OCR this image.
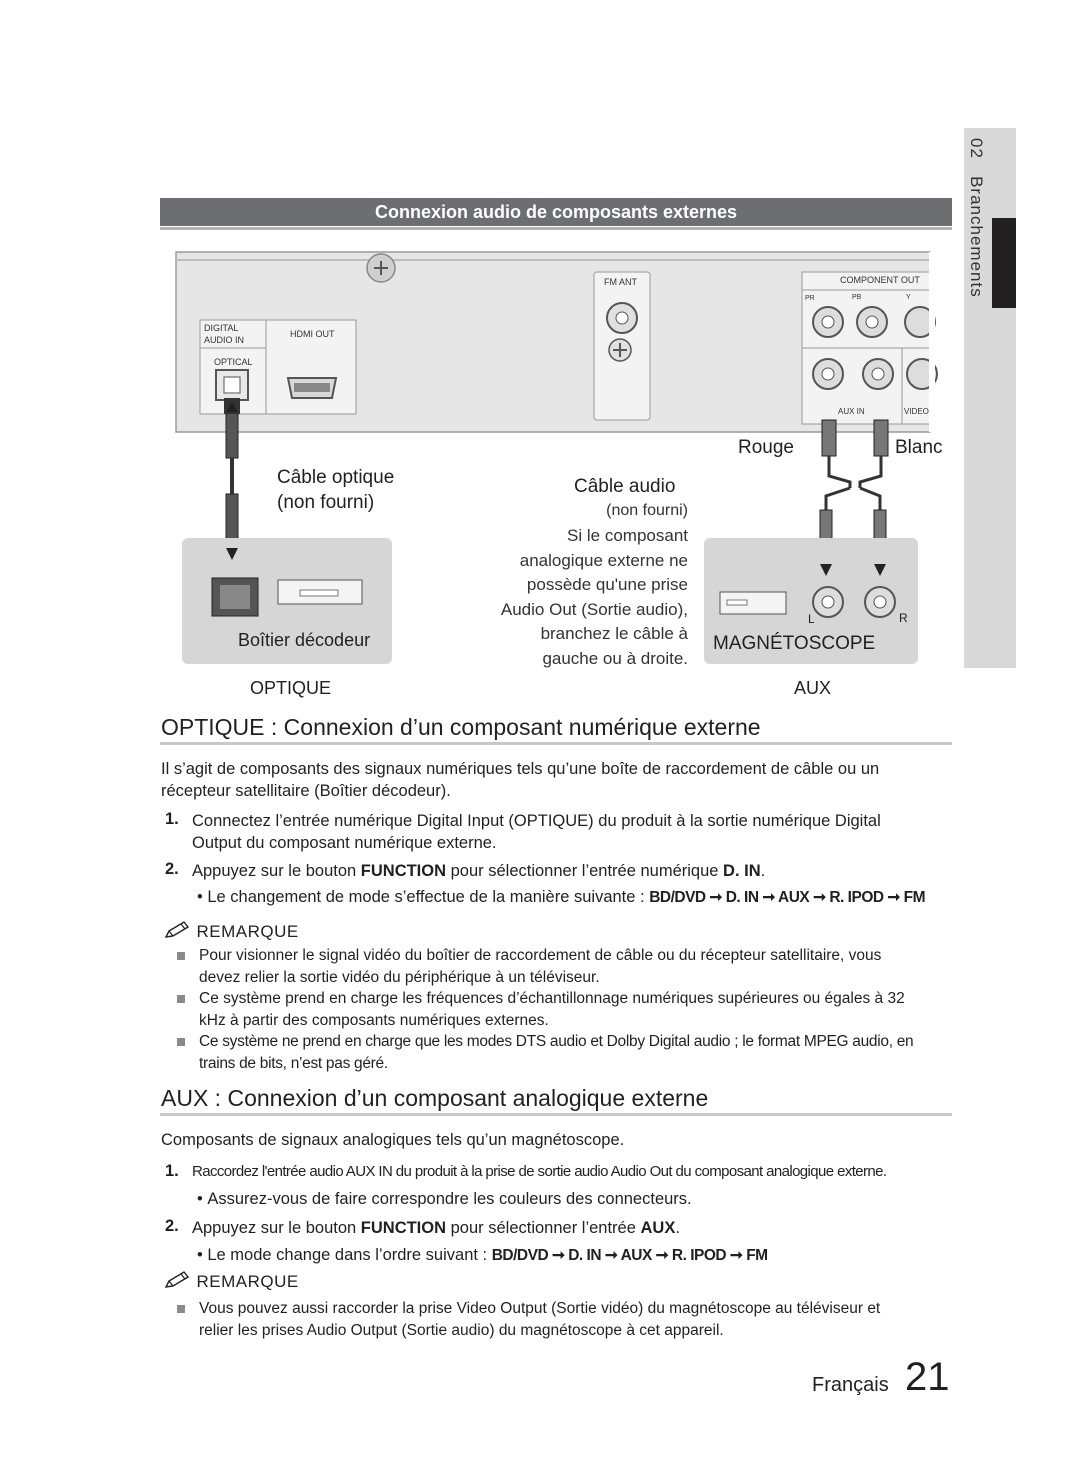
02   Branchements
Connexion audio de composants externes
DIGITAL
AUDIO IN
HDMI OUT
OPTICAL
FM ANT	COMPONENT OUT
PR	PB	Y
AUX IN	VIDEO
Rouge	Blanc
Câble optique
(non fourni)
Câble audio
(non fourni)
Si le composant
analogique externe ne
possède qu'une prise
Audio Out (Sortie audio),
branchez le câble à
gauche ou à droite.
Boîtier décodeur	MAGNÉTOSCOPE
L	R
OPTIQUE	AUX
OPTIQUE : Connexion d’un composant numérique externe
Il s’agit de composants des signaux numériques tels qu’une boîte de raccordement de câble ou un
récepteur satellitaire (Boîtier décodeur).
1. Connectez l’entrée numérique Digital Input (OPTIQUE) du produit à la sortie numérique Digital
Output du composant numérique externe.
2. Appuyez sur le bouton FUNCTION pour sélectionner l’entrée numérique D. IN.
• Le changement de mode s’effectue de la manière suivante : BD/DVD ➞ D. IN ➞ AUX ➞ R. IPOD ➞ FM
REMARQUE
Pour visionner le signal vidéo du boîtier de raccordement de câble ou du récepteur satellitaire, vous
devez relier la sortie vidéo du périphérique à un téléviseur.
Ce système prend en charge les fréquences d’échantillonnage numériques supérieures ou égales à 32
kHz à partir des composants numériques externes.
Ce système ne prend en charge que les modes DTS audio et Dolby Digital audio ; le format MPEG audio, en
trains de bits, n’est pas géré.
AUX : Connexion d’un composant analogique externe
Composants de signaux analogiques tels qu’un magnétoscope.
1. Raccordez l'entrée audio AUX IN du produit à la prise de sortie audio Audio Out du composant analogique externe.
• Assurez-vous de faire correspondre les couleurs des connecteurs.
2. Appuyez sur le bouton FUNCTION pour sélectionner l’entrée AUX.
• Le mode change dans l’ordre suivant : BD/DVD ➞ D. IN ➞ AUX ➞ R. IPOD ➞ FM
REMARQUE
Vous pouvez aussi raccorder la prise Video Output (Sortie vidéo) du magnétoscope au téléviseur et
relier les prises Audio Output (Sortie audio) du magnétoscope à cet appareil.
Français 21
